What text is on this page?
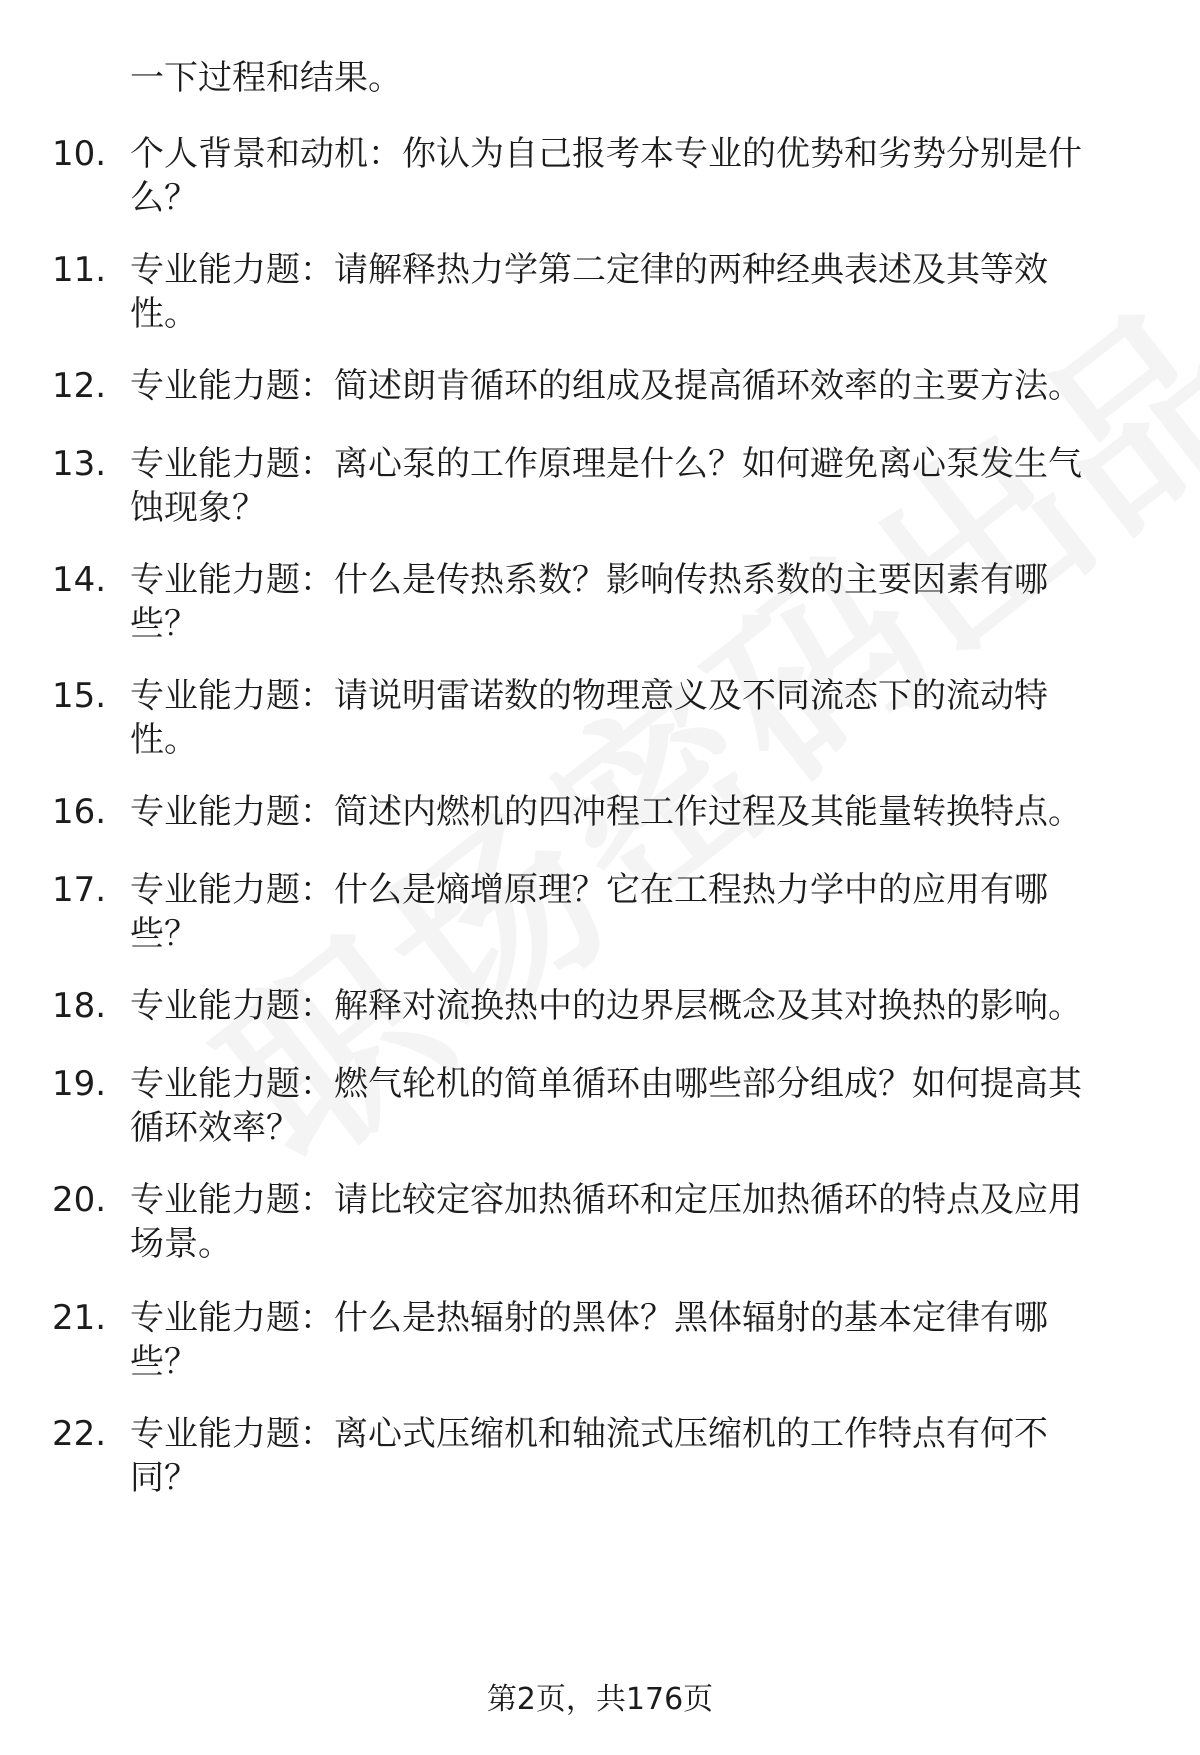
一下过程和结果。
10. 个人背景和动机：你认为自己报考本专业的优势和劣势分别是什
么？
11. 专业能力题：请解释热力学第二定律的两种经典表述及其等效
性。
12. 专业能力题：简述朗肯循环的组成及提高循环效率的主要方法。
13. 专业能力题：离心泵的工作原理是什么？如何避免离心泵发生气
蚀现象？
14. 专业能力题：什么是传热系数？影响传热系数的主要因素有哪
些？
15. 专业能力题：请说明雷诺数的物理意义及不同流态下的流动特
性。
16. 专业能力题：简述内燃机的四冲程工作过程及其能量转换特点。
17. 专业能力题：什么是熵增原理？它在工程热力学中的应用有哪
些？
18. 专业能力题：解释对流换热中的边界层概念及其对换热的影响。
19. 专业能力题：燃气轮机的简单循环由哪些部分组成？如何提高其
循环效率？
20. 专业能力题：请比较定容加热循环和定压加热循环的特点及应用
场景。
21. 专业能力题：什么是热辐射的黑体？黑体辐射的基本定律有哪
些？
22. 专业能力题：离心式压缩机和轴流式压缩机的工作特点有何不
同？
第2页，共176页
